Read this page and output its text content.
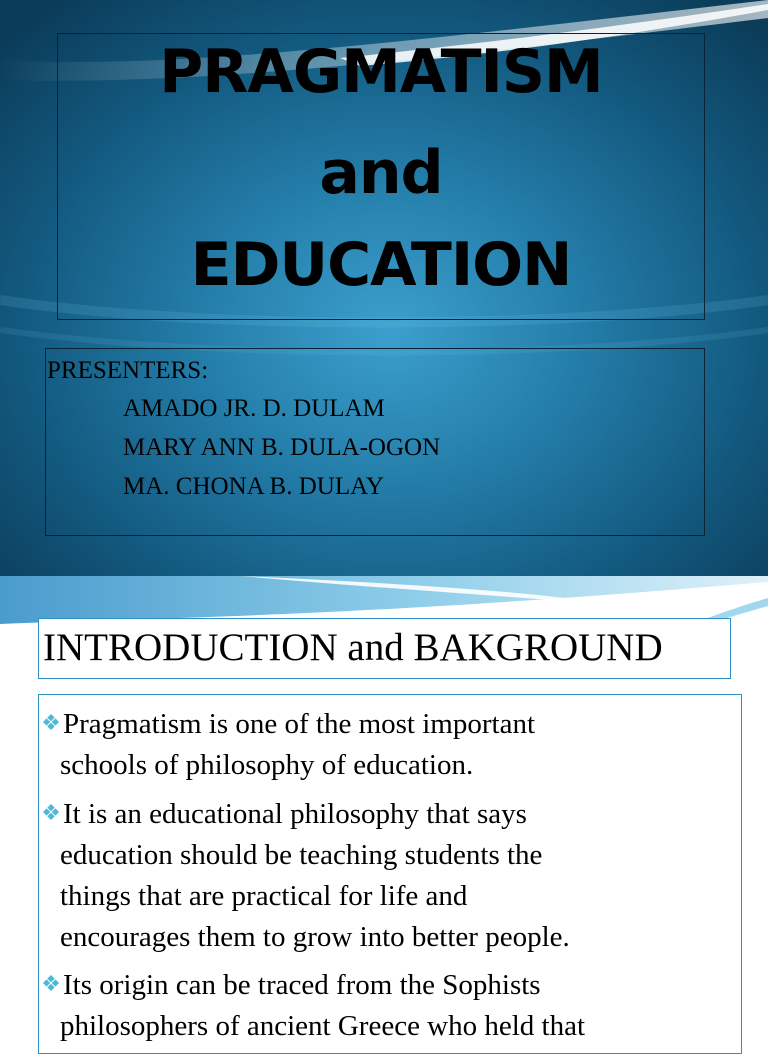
PRAGMATISM
and
EDUCATION
PRESENTERS:
AMADO JR. D. DULAM
MARY ANN B. DULA-OGON
MA. CHONA B. DULAY
INTRODUCTION and BAKGROUND
❖Pragmatism is one of the most important
schools of philosophy of education.
❖It is an educational philosophy that says
education should be teaching students the
things that are practical for life and
encourages them to grow into better people.
❖Its origin can be traced from the Sophists
philosophers of ancient Greece who held that
